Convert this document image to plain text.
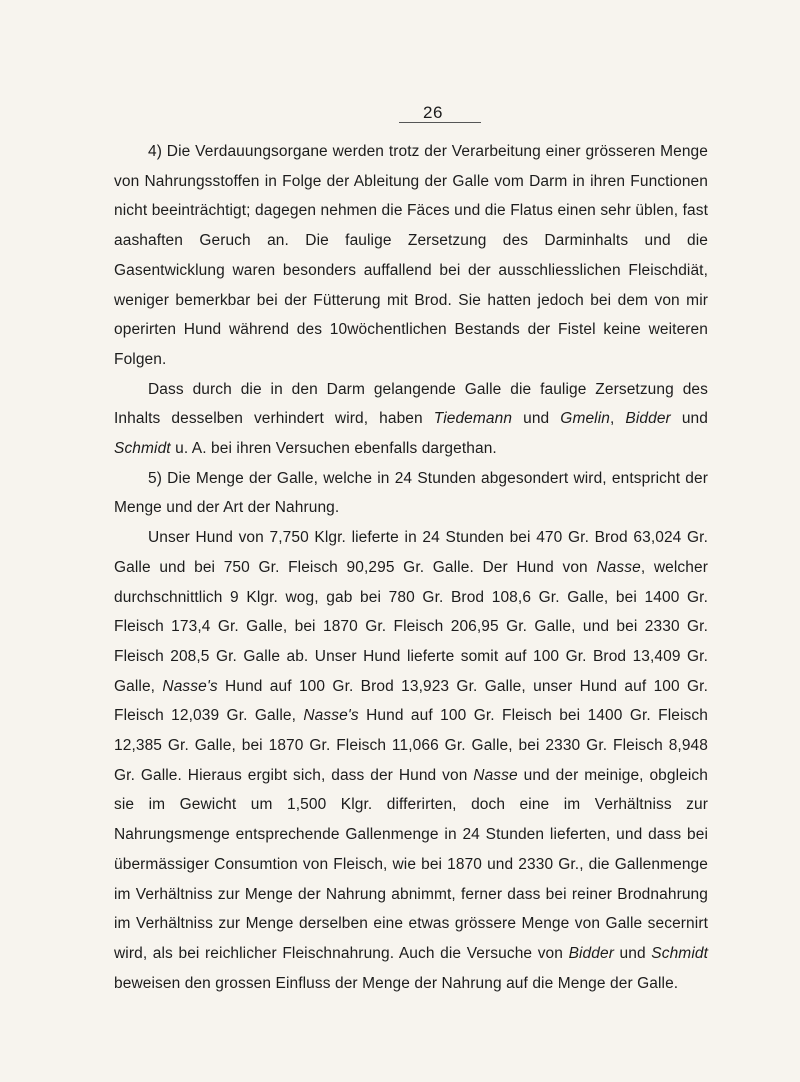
26

4) Die Verdauungsorgane werden trotz der Verarbeitung einer grösseren Menge von Nahrungsstoffen in Folge der Ableitung der Galle vom Darm in ihren Functionen nicht beeinträchtigt; dagegen nehmen die Fäces und die Flatus einen sehr üblen, fast aashaften Geruch an. Die faulige Zersetzung des Darminhalts und die Gasentwicklung waren besonders auffallend bei der ausschliesslichen Fleischdiät, weniger bemerkbar bei der Fütterung mit Brod. Sie hatten jedoch bei dem von mir operirten Hund während des 10wöchentlichen Bestands der Fistel keine weiteren Folgen.

Dass durch die in den Darm gelangende Galle die faulige Zersetzung des Inhalts desselben verhindert wird, haben Tiedemann und Gmelin, Bidder und Schmidt u. A. bei ihren Versuchen ebenfalls dargethan.

5) Die Menge der Galle, welche in 24 Stunden abgesondert wird, entspricht der Menge und der Art der Nahrung.

Unser Hund von 7,750 Klgr. lieferte in 24 Stunden bei 470 Gr. Brod 63,024 Gr. Galle und bei 750 Gr. Fleisch 90,295 Gr. Galle. Der Hund von Nasse, welcher durchschnittlich 9 Klgr. wog, gab bei 780 Gr. Brod 108,6 Gr. Galle, bei 1400 Gr. Fleisch 173,4 Gr. Galle, bei 1870 Gr. Fleisch 206,95 Gr. Galle, und bei 2330 Gr. Fleisch 208,5 Gr. Galle ab. Unser Hund lieferte somit auf 100 Gr. Brod 13,409 Gr. Galle, Nasse's Hund auf 100 Gr. Brod 13,923 Gr. Galle, unser Hund auf 100 Gr. Fleisch 12,039 Gr. Galle, Nasse's Hund auf 100 Gr. Fleisch bei 1400 Gr. Fleisch 12,385 Gr. Galle, bei 1870 Gr. Fleisch 11,066 Gr. Galle, bei 2330 Gr. Fleisch 8,948 Gr. Galle. Hieraus ergibt sich, dass der Hund von Nasse und der meinige, obgleich sie im Gewicht um 1,500 Klgr. differirten, doch eine im Verhältniss zur Nahrungsmenge entsprechende Gallenmenge in 24 Stunden lieferten, und dass bei übermässiger Consumtion von Fleisch, wie bei 1870 und 2330 Gr., die Gallenmenge im Verhältniss zur Menge der Nahrung abnimmt, ferner dass bei reiner Brodnahrung im Verhältniss zur Menge derselben eine etwas grössere Menge von Galle secernirt wird, als bei reichlicher Fleischnahrung. Auch die Versuche von Bidder und Schmidt beweisen den grossen Einfluss der Menge der Nahrung auf die Menge der Galle.
